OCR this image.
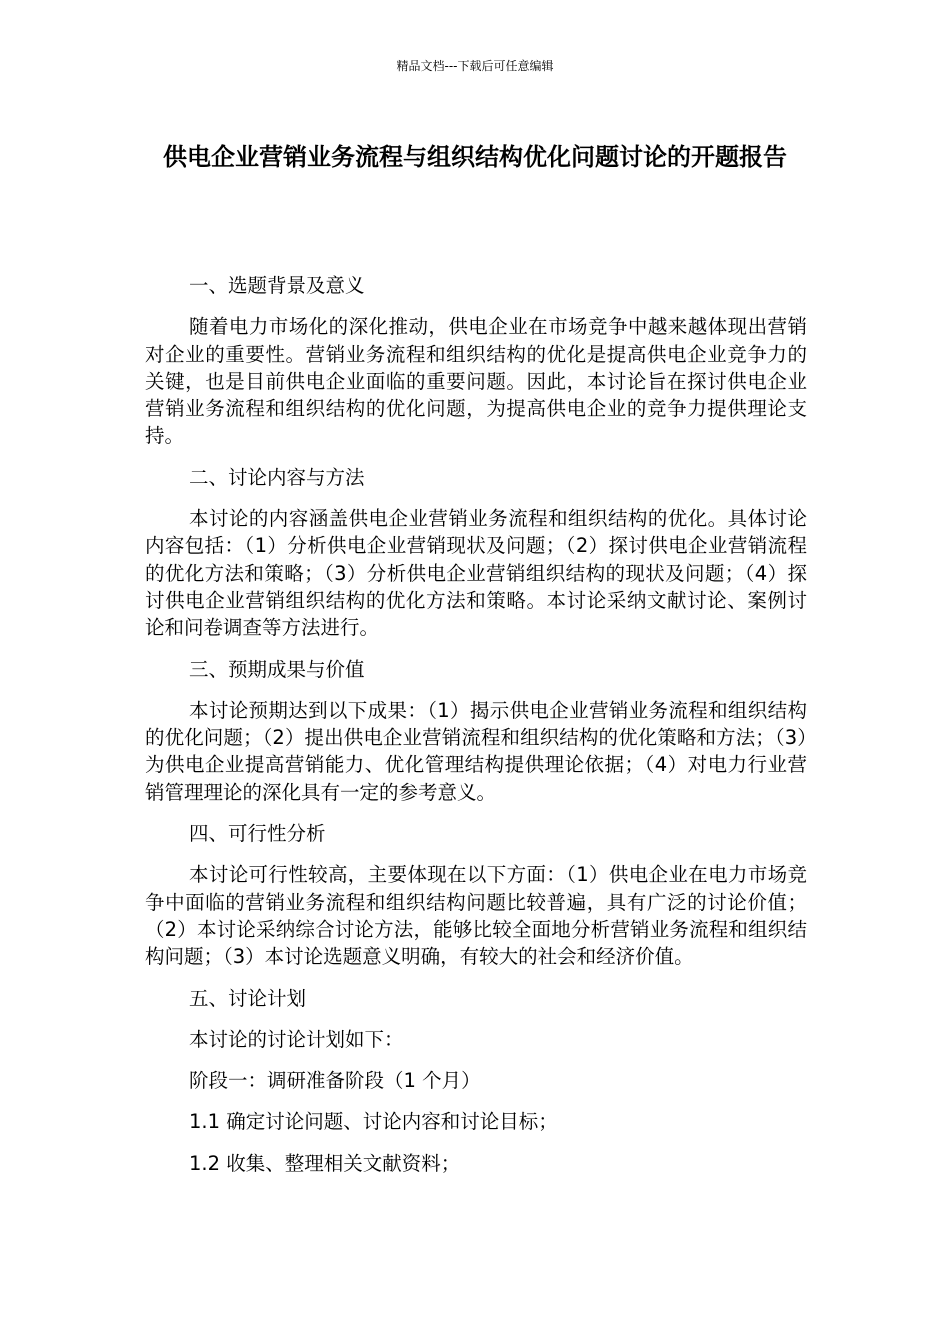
精品文档---下载后可任意编辑
供电企业营销业务流程与组织结构优化问题讨论的开题报告

一、选题背景及意义

随着电力市场化的深化推动，供电企业在市场竞争中越来越体现出营销对企业的重要性。营销业务流程和组织结构的优化是提高供电企业竞争力的关键，也是目前供电企业面临的重要问题。因此，本讨论旨在探讨供电企业营销业务流程和组织结构的优化问题，为提高供电企业的竞争力提供理论支持。

二、讨论内容与方法

本讨论的内容涵盖供电企业营销业务流程和组织结构的优化。具体讨论内容包括：（1）分析供电企业营销现状及问题；（2）探讨供电企业营销流程的优化方法和策略；（3）分析供电企业营销组织结构的现状及问题；（4）探讨供电企业营销组织结构的优化方法和策略。本讨论采纳文献讨论、案例讨论和问卷调查等方法进行。

三、预期成果与价值

本讨论预期达到以下成果：（1）揭示供电企业营销业务流程和组织结构的优化问题；（2）提出供电企业营销流程和组织结构的优化策略和方法；（3）为供电企业提高营销能力、优化管理结构提供理论依据；（4）对电力行业营销管理理论的深化具有一定的参考意义。

四、可行性分析

本讨论可行性较高，主要体现在以下方面：（1）供电企业在电力市场竞争中面临的营销业务流程和组织结构问题比较普遍，具有广泛的讨论价值；（2）本讨论采纳综合讨论方法，能够比较全面地分析营销业务流程和组织结构问题；（3）本讨论选题意义明确，有较大的社会和经济价值。

五、讨论计划

本讨论的讨论计划如下：

阶段一：调研准备阶段（1 个月）

1.1 确定讨论问题、讨论内容和讨论目标；

1.2 收集、整理相关文献资料；
